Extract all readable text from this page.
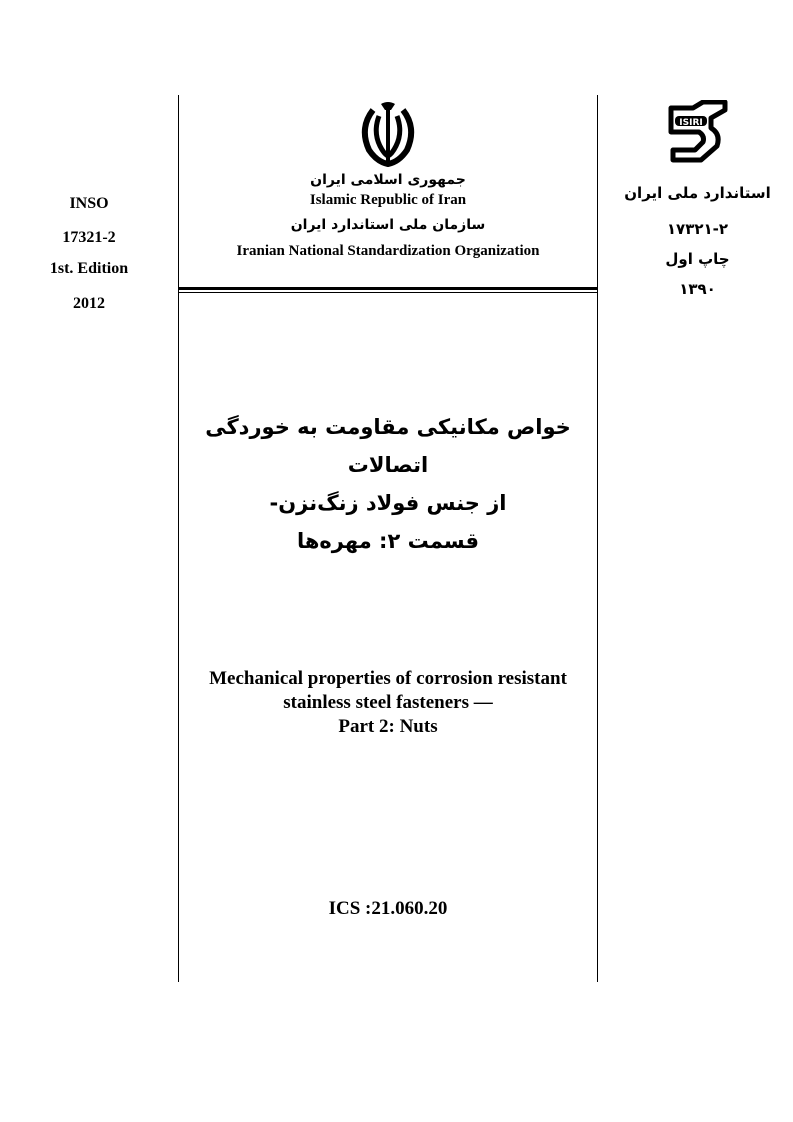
INSO
17321-2
1st. Edition
2012
ISIRI
استاندارد ملی ایران
۱۷۳۲۱-۲
چاپ اول
۱۳۹۰
جمهوری اسلامی ایران
Islamic Republic of Iran
سازمان ملی استاندارد ایران
Iranian National Standardization Organization
خواص مکانیکی مقاومت به خوردگی اتصالات
از جنس فولاد زنگ‌نزن-
قسمت ۲: مهره‌ها
Mechanical properties of corrosion resistant
stainless steel fasteners —
Part 2: Nuts
ICS :21.060.20
